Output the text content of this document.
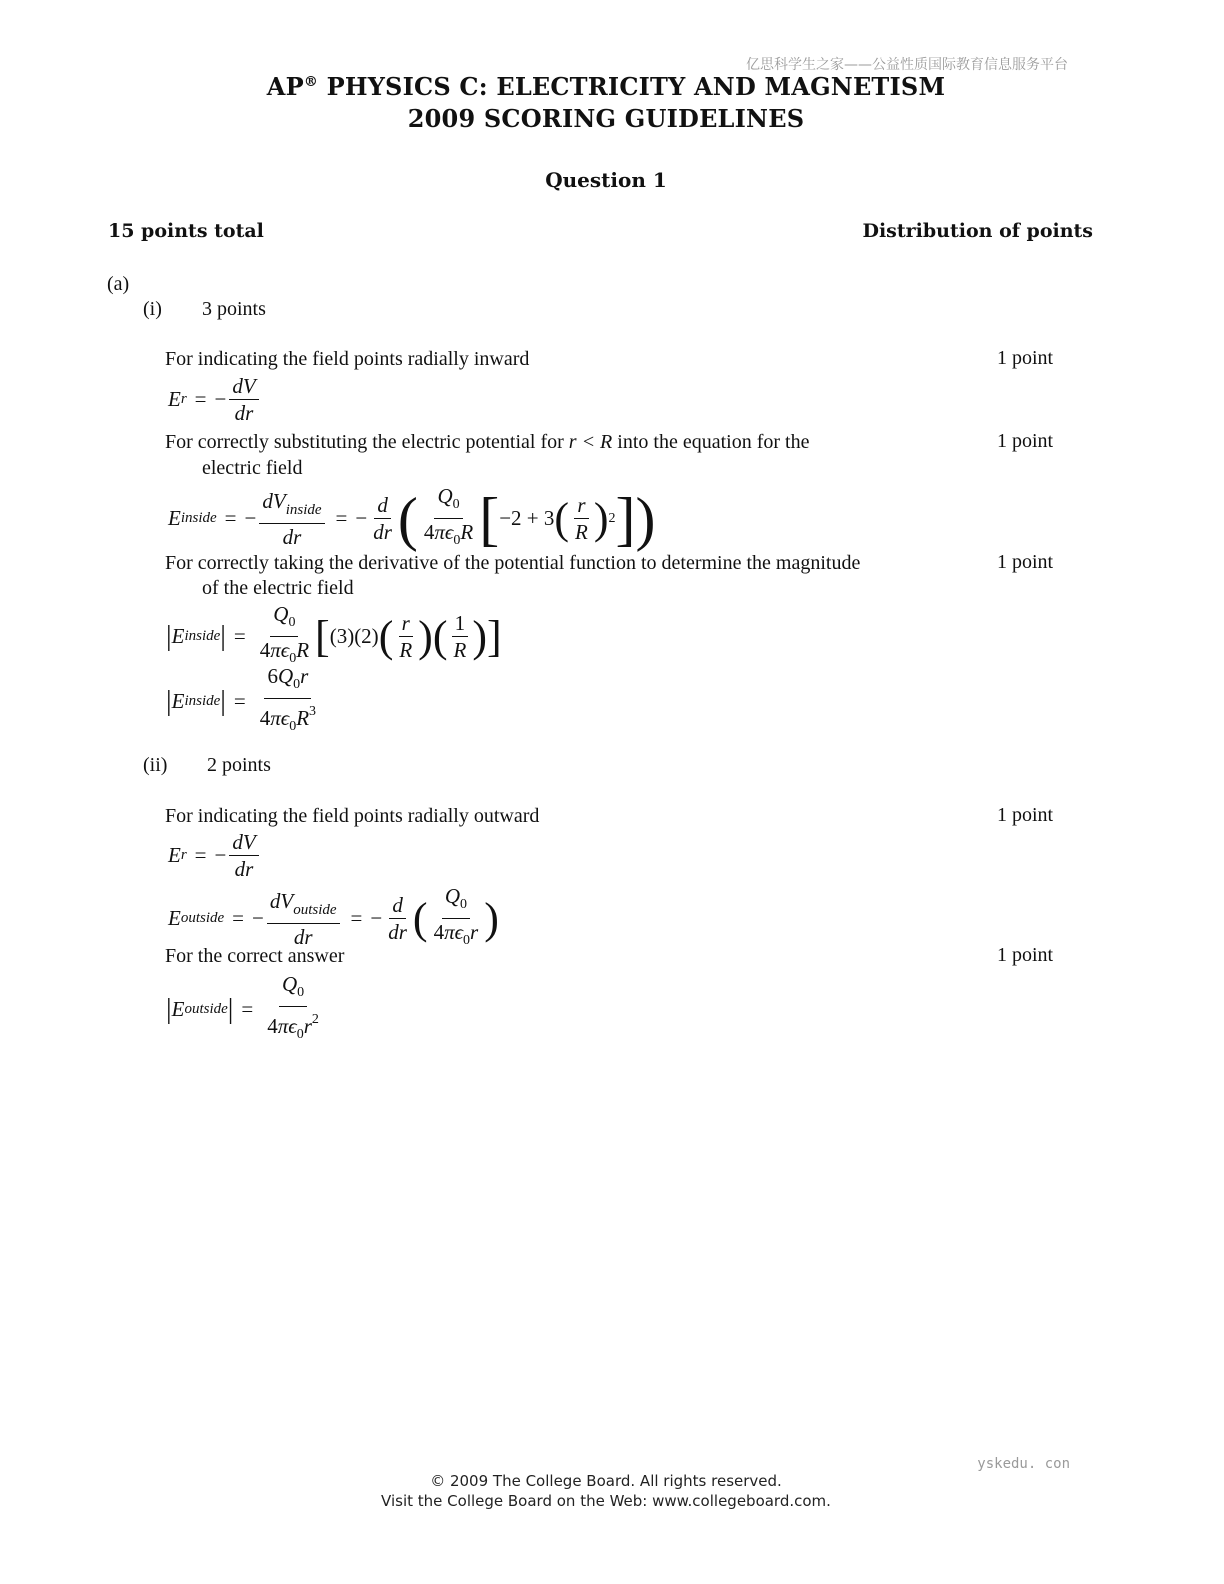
亿思科学生之家——公益性质国际教育信息服务平台
AP® PHYSICS C: ELECTRICITY AND MAGNETISM
2009 SCORING GUIDELINES
Question 1
15 points total	Distribution of points
(a)
(i) 3 points
For indicating the field points radially inward	1 point
E r = − $\frac{dV}{dr}$
For correctly substituting the electric potential for r < R into the equation for the
electric field
1 point
E inside = − $\frac{dV_{inside}}{dr}$ = − $\frac{d}{dr}$ ( $\frac{Q_0}{4\pi\epsilon_0R}$ [ −2 + 3 ( $\frac{r}{R}$ ) 2 ] )
For correctly taking the derivative of the potential function to determine the magnitude
of the electric field
1 point
| E inside | = $\frac{Q_0}{4\pi\epsilon_0R}$ [ (3)(2) ( $\frac{r}{R}$ ) ( $\frac{1}{R}$ ) ]
| E inside | = $\frac{6Q_0r}{4\pi\epsilon_0R^3}$
(ii) 2 points
For indicating the field points radially outward	1 point
E r = − $\frac{dV}{dr}$
E outside = − $\frac{dV_{outside}}{dr}$ = − $\frac{d}{dr}$ ( $\frac{Q_0}{4\pi\epsilon_0r}$ )
For the correct answer	1 point
| E outside | = $\frac{Q_0}{4\pi\epsilon_0r^2}$
yskedu. con
© 2009 The College Board. All rights reserved.
Visit the College Board on the Web: www.collegeboard.com.
